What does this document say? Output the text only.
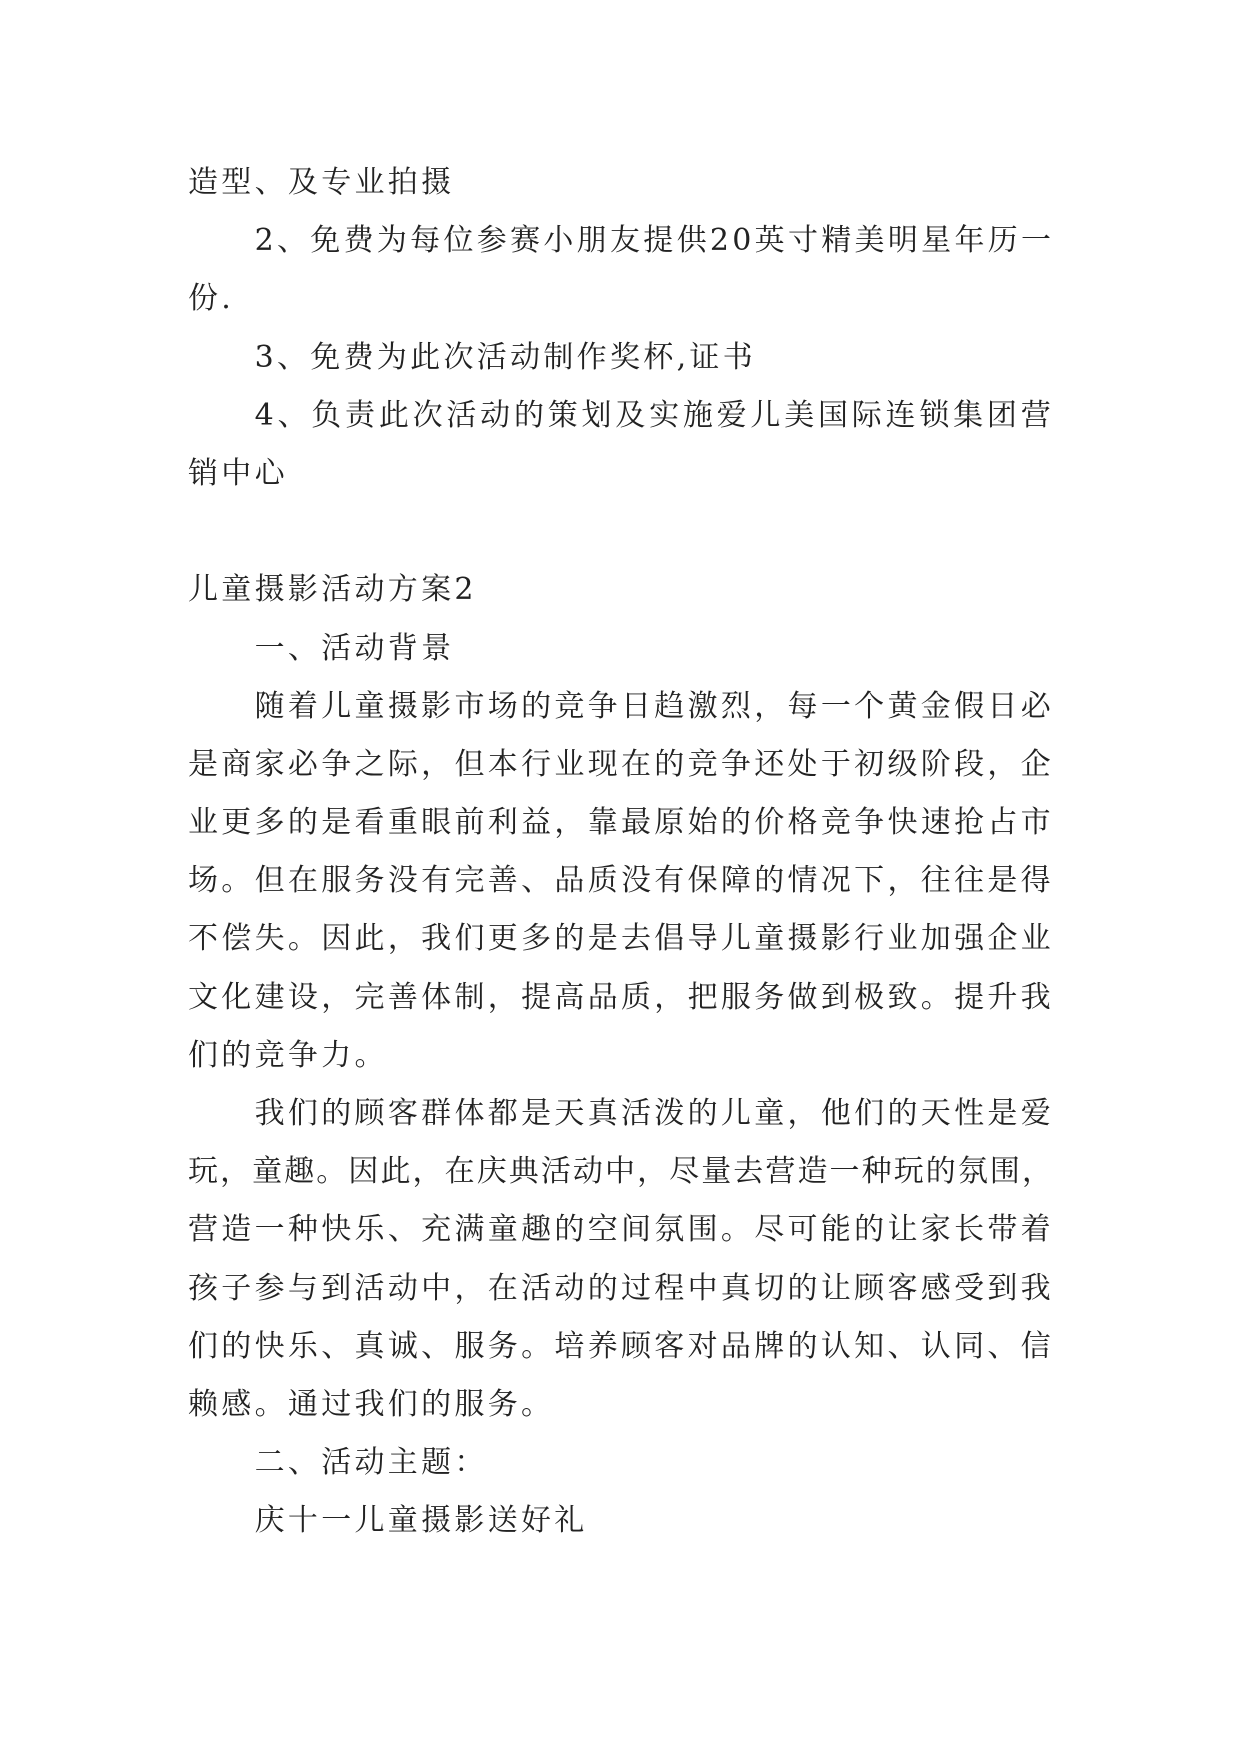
造型、及专业拍摄
2、免费为每位参赛小朋友提供20英寸精美明星年历一
份.
3、免费为此次活动制作奖杯,证书
4、负责此次活动的策划及实施爱儿美国际连锁集团营
销中心
儿童摄影活动方案2
一、活动背景
随着儿童摄影市场的竞争日趋激烈，每一个黄金假日必
是商家必争之际，但本行业现在的竞争还处于初级阶段，企
业更多的是看重眼前利益，靠最原始的价格竞争快速抢占市
场。但在服务没有完善、品质没有保障的情况下，往往是得
不偿失。因此，我们更多的是去倡导儿童摄影行业加强企业
文化建设，完善体制，提高品质，把服务做到极致。提升我
们的竞争力。
我们的顾客群体都是天真活泼的儿童，他们的天性是爱
玩，童趣。因此，在庆典活动中，尽量去营造一种玩的氛围，
营造一种快乐、充满童趣的空间氛围。尽可能的让家长带着
孩子参与到活动中，在活动的过程中真切的让顾客感受到我
们的快乐、真诚、服务。培养顾客对品牌的认知、认同、信
赖感。通过我们的服务。
二、活动主题：
庆十一儿童摄影送好礼
